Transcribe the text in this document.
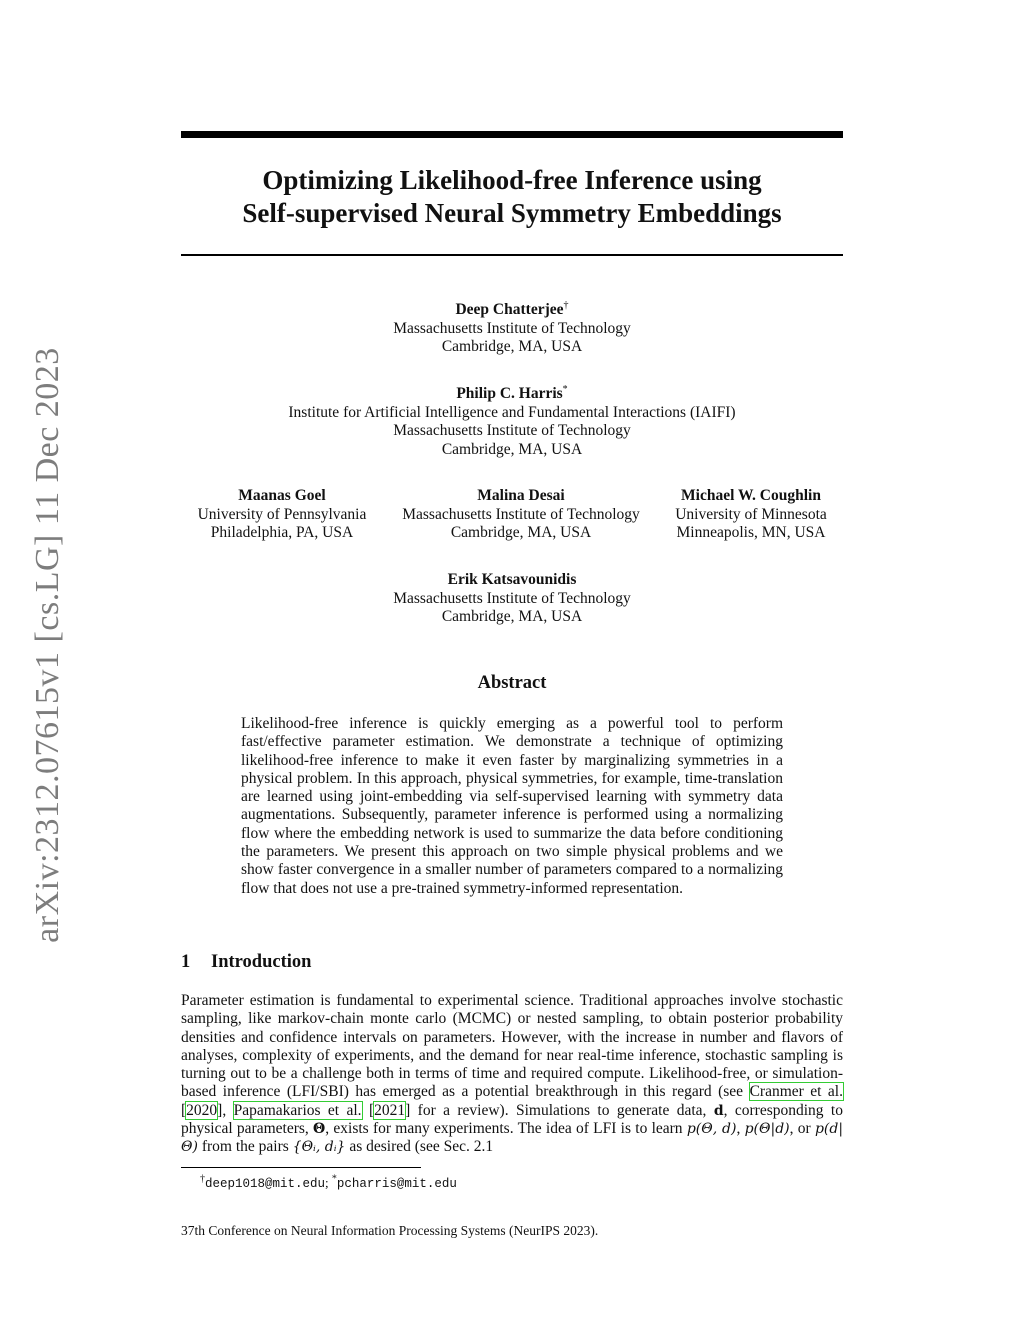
arXiv:2312.07615v1 [cs.LG] 11 Dec 2023
Optimizing Likelihood-free Inference using
Self-supervised Neural Symmetry Embeddings
Deep Chatterjee†
Massachusetts Institute of Technology
Cambridge, MA, USA
Philip C. Harris*
Institute for Artificial Intelligence and Fundamental Interactions (IAIFI)
Massachusetts Institute of Technology
Cambridge, MA, USA
Maanas Goel
University of Pennsylvania
Philadelphia, PA, USA
Malina Desai
Massachusetts Institute of Technology
Cambridge, MA, USA
Michael W. Coughlin
University of Minnesota
Minneapolis, MN, USA
Erik Katsavounidis
Massachusetts Institute of Technology
Cambridge, MA, USA
Abstract
Likelihood-free inference is quickly emerging as a powerful tool to perform fast/effective parameter estimation. We demonstrate a technique of optimizing likelihood-free inference to make it even faster by marginalizing symmetries in a physical problem. In this approach, physical symmetries, for example, time-translation are learned using joint-embedding via self-supervised learning with symmetry data augmentations. Subsequently, parameter inference is performed using a normalizing flow where the embedding network is used to summarize the data before conditioning the parameters. We present this approach on two simple physical problems and we show faster convergence in a smaller number of parameters compared to a normalizing flow that does not use a pre-trained symmetry-informed representation.
1 Introduction
Parameter estimation is fundamental to experimental science. Traditional approaches involve stochastic sampling, like markov-chain monte carlo (MCMC) or nested sampling, to obtain posterior probability densities and confidence intervals on parameters. However, with the increase in number and flavors of analyses, complexity of experiments, and the demand for near real-time inference, stochastic sampling is turning out to be a challenge both in terms of time and required compute. Likelihood-free, or simulation-based inference (LFI/SBI) has emerged as a potential breakthrough in this regard (see Cranmer et al. [2020], Papamakarios et al. [2021] for a review). Simulations to generate data, d, corresponding to physical parameters, Θ, exists for many experiments. The idea of LFI is to learn p(Θ, d), p(Θ|d), or p(d|Θ) from the pairs {Θᵢ, dᵢ} as desired (see Sec. 2.1
†deep1018@mit.edu; *pcharris@mit.edu
37th Conference on Neural Information Processing Systems (NeurIPS 2023).
